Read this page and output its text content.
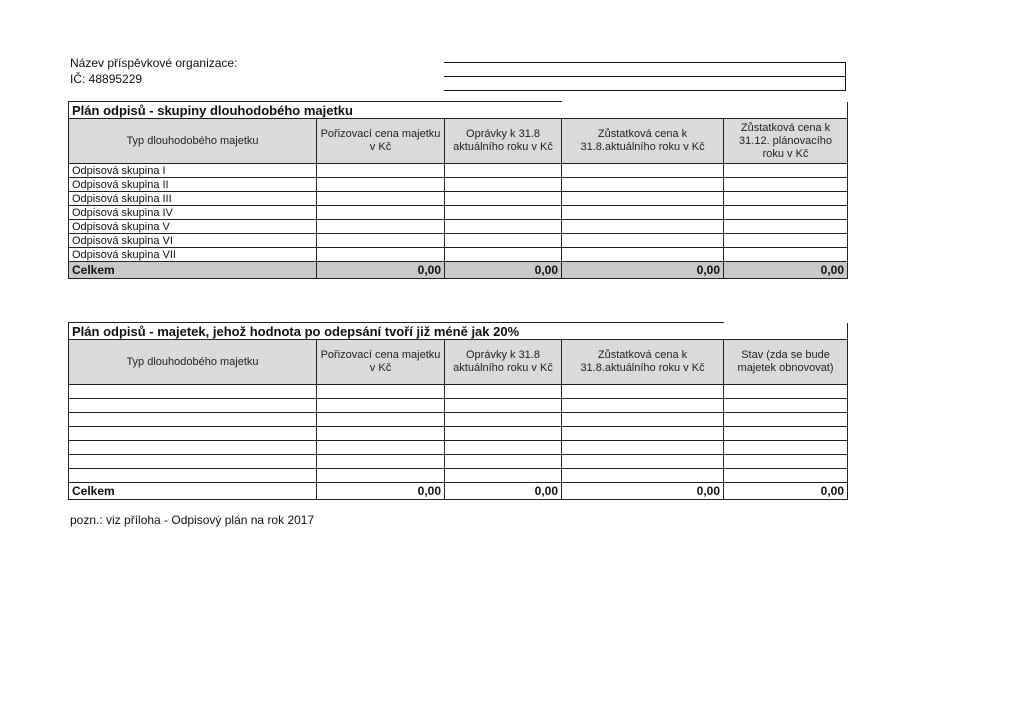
Název příspěvkové organizace:
IČ: 48895229
Plán odpisů - skupiny dlouhodobého majetku				
Typ dlouhodobého majetku	Pořizovací cena majetku v Kč	Oprávky k 31.8 aktuálního roku v Kč	Zůstatková cena k 31.8.aktuálního roku v Kč	Zůstatková cena k 31.12. plánovacího roku v Kč
Odpisová skupina I				
Odpisová skupina II				
Odpisová skupina III				
Odpisová skupina IV				
Odpisová skupina V				
Odpisová skupina VI				
Odpisová skupina VII				
Celkem	0,00	0,00	0,00	0,00
Plán odpisů - majetek, jehož hodnota po odepsání tvoří již méně jak 20%				
Typ dlouhodobého majetku	Pořizovací cena majetku v Kč	Oprávky k 31.8 aktuálního roku v Kč	Zůstatková cena k 31.8.aktuálního roku v Kč	Stav (zda se bude majetek obnovovat)

Celkem	0,00	0,00	0,00	0,00
pozn.: viz příloha - Odpisový plán na rok 2017
